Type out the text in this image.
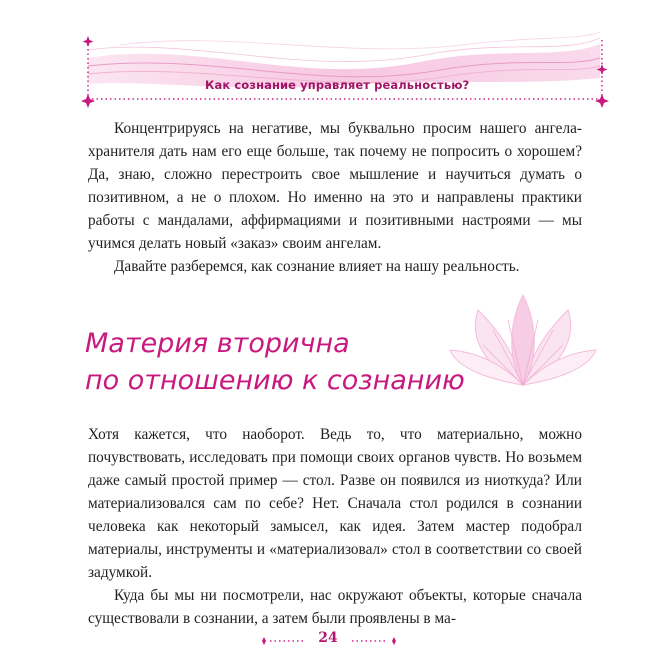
Как сознание управляет реальностью?

Концентрируясь на негативе, мы буквально просим нашего ангела-хранителя дать нам его еще больше, так почему не попросить о хорошем? Да, знаю, сложно перестроить свое мышление и научиться думать о позитивном, а не о плохом. Но именно на это и направлены практики работы с мандалами, аффирмациями и позитивными настроями — мы учимся делать новый «заказ» своим ангелам.

Давайте разберемся, как сознание влияет на нашу реальность.

Материя вторична
по отношению к сознанию

Хотя кажется, что наоборот. Ведь то, что материально, можно почувствовать, исследовать при помощи своих органов чувств. Но возьмем даже самый простой пример — стол. Разве он появился из ниоткуда? Или материализовался сам по себе? Нет. Сначала стол родился в сознании человека как некоторый замысел, как идея. Затем мастер подобрал материалы, инструменты и «материализовал» стол в соответствии со своей задумкой.

Куда бы мы ни посмотрели, нас окружают объекты, которые сначала существовали в сознании, а затем были проявлены в ма-

24
